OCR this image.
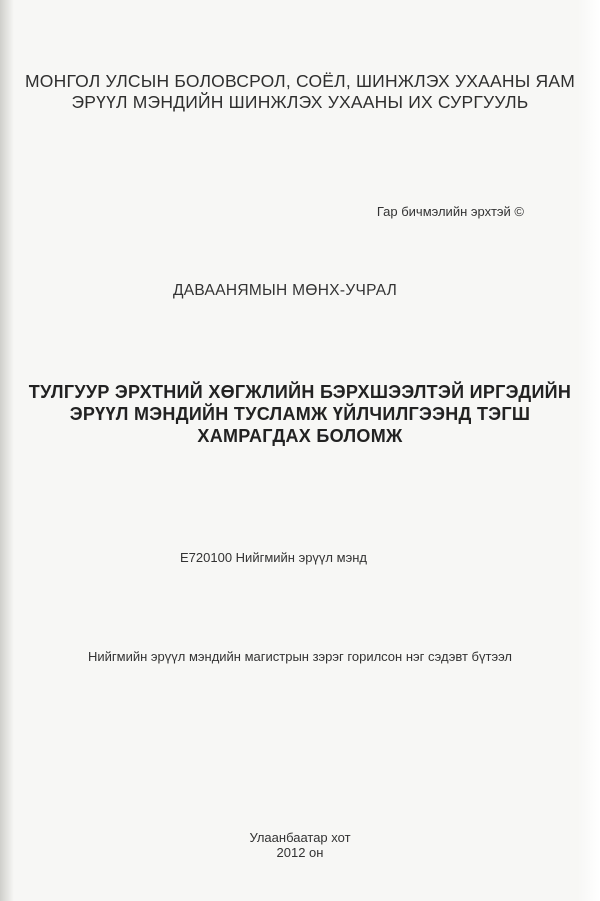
МОНГОЛ УЛСЫН БОЛОВСРОЛ, СОЁЛ, ШИНЖЛЭХ УХААНЫ ЯАМ
ЭРҮҮЛ МЭНДИЙН ШИНЖЛЭХ УХААНЫ ИХ СУРГУУЛЬ
Гар бичмэлийн эрхтэй ©
ДАВААНЯМЫН МӨНХ-УЧРАЛ
ТУЛГУУР ЭРХТНИЙ ХӨГЖЛИЙН БЭРХШЭЭЛТЭЙ ИРГЭДИЙН
ЭРҮҮЛ МЭНДИЙН ТУСЛАМЖ ҮЙЛЧИЛГЭЭНД ТЭГШ
ХАМРАГДАХ БОЛОМЖ
E720100 Нийгмийн эрүүл мэнд
Нийгмийн эрүүл мэндийн магистрын зэрэг горилсон нэг сэдэвт бүтээл
Улаанбаатар хот
2012 он
